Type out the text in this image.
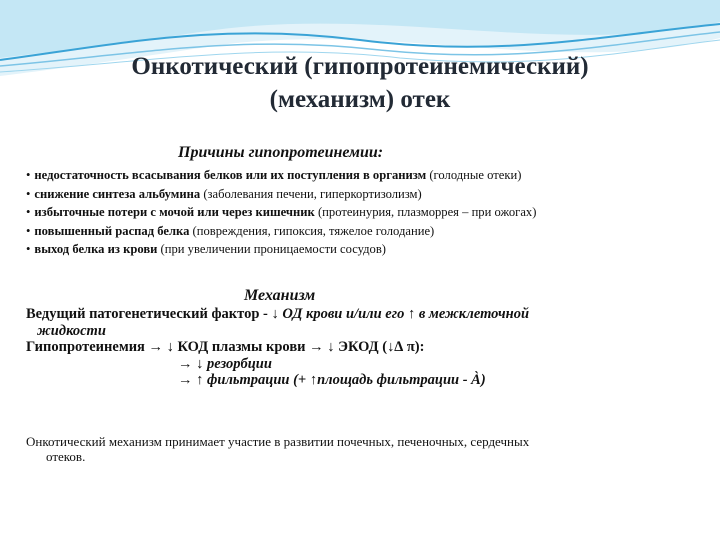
Онкотический (гипопротеинемический)
(механизм) отек
Причины гипопротеинемии:
• недостаточность всасывания белков или их поступления в организм (голодные отеки)
• снижение синтеза альбумина (заболевания печени, гиперкортизолизм)
• избыточные потери с мочой или через кишечник (протеинурия, плазморрея – при ожогах)
• повышенный распад белка (повреждения, гипоксия, тяжелое голодание)
• выход белка из крови (при увеличении проницаемости сосудов)
Механизм
Ведущий патогенетический фактор - ↓ ОД крови и/или его ↑ в межклеточной
жидкости
Гипопротеинемия → ↓ КОД плазмы крови → ↓ ЭКОД (↓∆ π):
→ ↓ резорбции
→ ↑ фильтрации (+ ↑площадь фильтрации - À)
Онкотический механизм принимает участие в развитии почечных, печеночных, сердечных
отеков.
